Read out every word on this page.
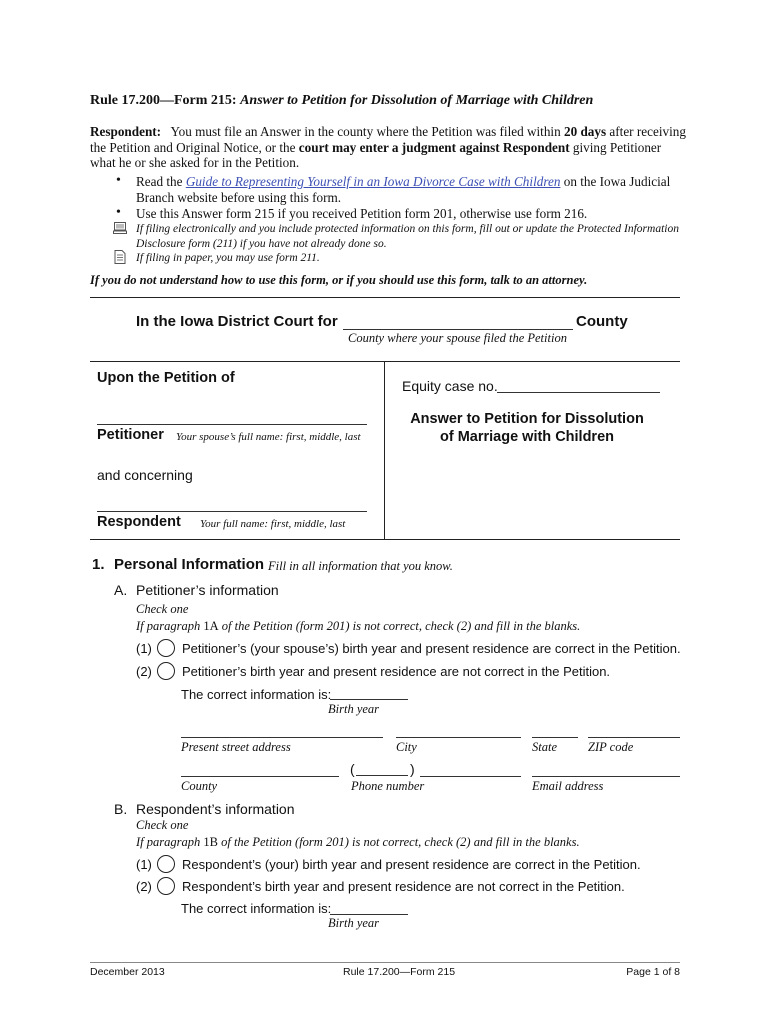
Rule 17.200—Form 215: Answer to Petition for Dissolution of Marriage with Children
Respondent: You must file an Answer in the county where the Petition was filed within 20 days after receiving the Petition and Original Notice, or the court may enter a judgment against Respondent giving Petitioner what he or she asked for in the Petition.
• Read the Guide to Representing Yourself in an Iowa Divorce Case with Children on the Iowa Judicial
Branch website before using this form.
• Use this Answer form 215 if you received Petition form 201, otherwise use form 216.
If filing electronically and you include protected information on this form, fill out or update the Protected Information
Disclosure form (211) if you have not already done so.
If filing in paper, you may use form 211.
If you do not understand how to use this form, or if you should use this form, talk to an attorney.
In the Iowa District Court for	County
County where your spouse filed the Petition
Upon the Petition of
Petitioner Your spouse’s full name: first, middle, last
and concerning
Respondent Your full name: first, middle, last
Equity case no.
Answer to Petition for Dissolution
of Marriage with Children
1. Personal Information Fill in all information that you know.
A. Petitioner’s information
Check one
If paragraph 1A of the Petition (form 201) is not correct, check (2) and fill in the blanks.
(1) Petitioner’s (your spouse’s) birth year and present residence are correct in the Petition.
(2) Petitioner’s birth year and present residence are not correct in the Petition.
The correct information is:
Birth year
Present street address	City	State ZIP code
(	)
County	Phone number	Email address
B. Respondent’s information
Check one
If paragraph 1B of the Petition (form 201) is not correct, check (2) and fill in the blanks.
(1) Respondent’s (your) birth year and present residence are correct in the Petition.
(2) Respondent’s birth year and present residence are not correct in the Petition.
The correct information is:
Birth year
December 2013	Rule 17.200—Form 215	Page 1 of 8
